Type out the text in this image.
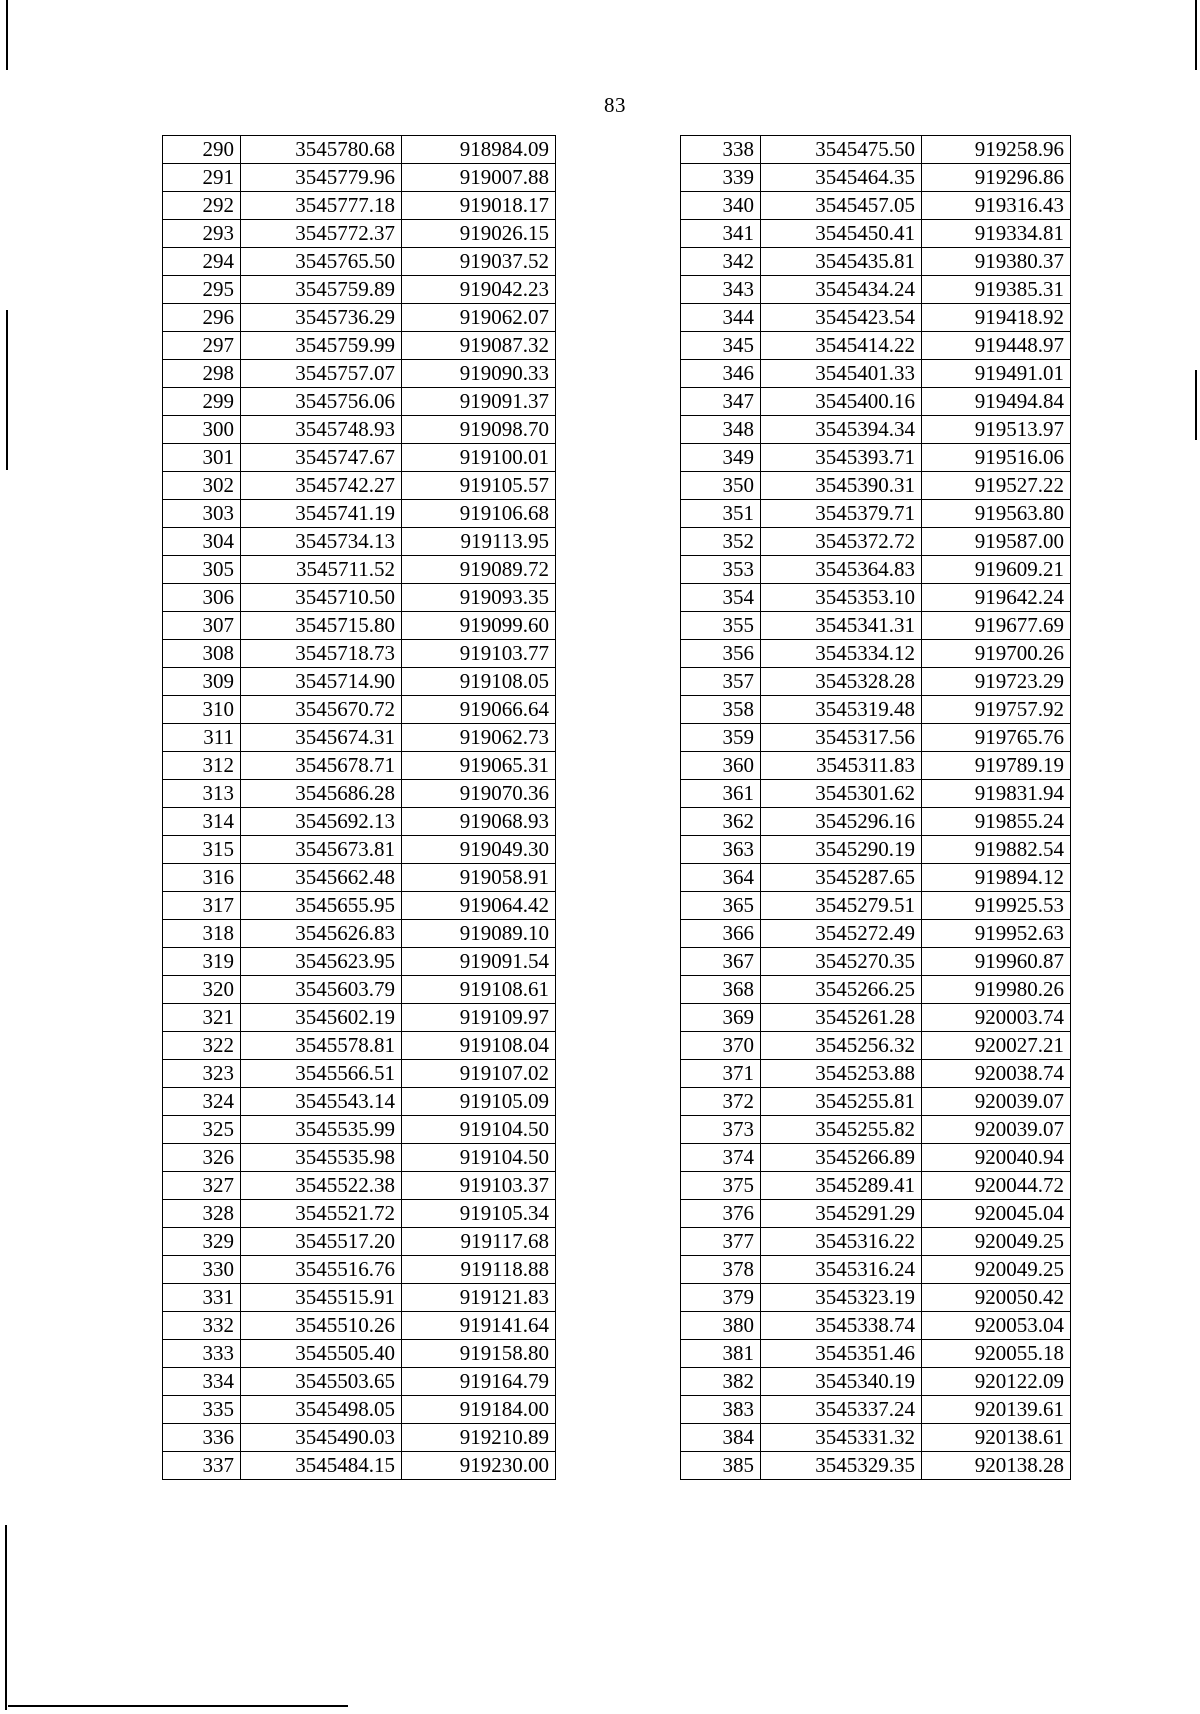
83
290	3545780.68	918984.09
291	3545779.96	919007.88
292	3545777.18	919018.17
293	3545772.37	919026.15
294	3545765.50	919037.52
295	3545759.89	919042.23
296	3545736.29	919062.07
297	3545759.99	919087.32
298	3545757.07	919090.33
299	3545756.06	919091.37
300	3545748.93	919098.70
301	3545747.67	919100.01
302	3545742.27	919105.57
303	3545741.19	919106.68
304	3545734.13	919113.95
305	3545711.52	919089.72
306	3545710.50	919093.35
307	3545715.80	919099.60
308	3545718.73	919103.77
309	3545714.90	919108.05
310	3545670.72	919066.64
311	3545674.31	919062.73
312	3545678.71	919065.31
313	3545686.28	919070.36
314	3545692.13	919068.93
315	3545673.81	919049.30
316	3545662.48	919058.91
317	3545655.95	919064.42
318	3545626.83	919089.10
319	3545623.95	919091.54
320	3545603.79	919108.61
321	3545602.19	919109.97
322	3545578.81	919108.04
323	3545566.51	919107.02
324	3545543.14	919105.09
325	3545535.99	919104.50
326	3545535.98	919104.50
327	3545522.38	919103.37
328	3545521.72	919105.34
329	3545517.20	919117.68
330	3545516.76	919118.88
331	3545515.91	919121.83
332	3545510.26	919141.64
333	3545505.40	919158.80
334	3545503.65	919164.79
335	3545498.05	919184.00
336	3545490.03	919210.89
337	3545484.15	919230.00
338	3545475.50	919258.96
339	3545464.35	919296.86
340	3545457.05	919316.43
341	3545450.41	919334.81
342	3545435.81	919380.37
343	3545434.24	919385.31
344	3545423.54	919418.92
345	3545414.22	919448.97
346	3545401.33	919491.01
347	3545400.16	919494.84
348	3545394.34	919513.97
349	3545393.71	919516.06
350	3545390.31	919527.22
351	3545379.71	919563.80
352	3545372.72	919587.00
353	3545364.83	919609.21
354	3545353.10	919642.24
355	3545341.31	919677.69
356	3545334.12	919700.26
357	3545328.28	919723.29
358	3545319.48	919757.92
359	3545317.56	919765.76
360	3545311.83	919789.19
361	3545301.62	919831.94
362	3545296.16	919855.24
363	3545290.19	919882.54
364	3545287.65	919894.12
365	3545279.51	919925.53
366	3545272.49	919952.63
367	3545270.35	919960.87
368	3545266.25	919980.26
369	3545261.28	920003.74
370	3545256.32	920027.21
371	3545253.88	920038.74
372	3545255.81	920039.07
373	3545255.82	920039.07
374	3545266.89	920040.94
375	3545289.41	920044.72
376	3545291.29	920045.04
377	3545316.22	920049.25
378	3545316.24	920049.25
379	3545323.19	920050.42
380	3545338.74	920053.04
381	3545351.46	920055.18
382	3545340.19	920122.09
383	3545337.24	920139.61
384	3545331.32	920138.61
385	3545329.35	920138.28
